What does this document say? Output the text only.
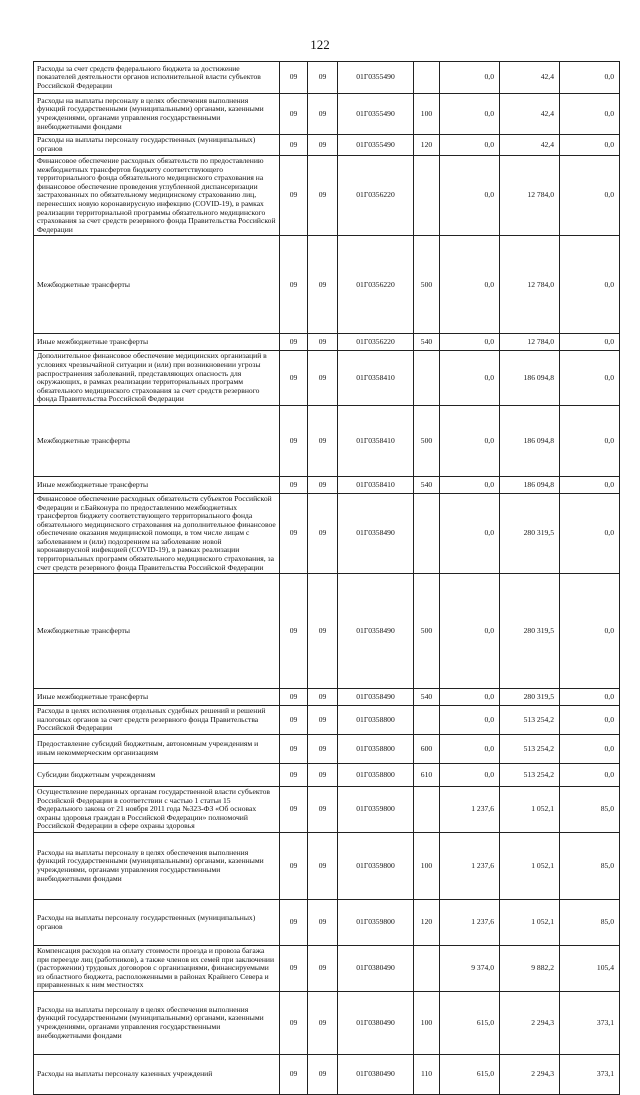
122
Расходы за счет средств федерального бюджета за достижение показателей деятельности органов исполнительной власти субъектов Российской Федерации	09	09	01Г0355490		0,0	42,4	0,0
Расходы на выплаты персоналу в целях обеспечения выполнения функций государственными (муниципальными) органами, казенными учреждениями, органами управления государственными внебюджетными фондами	09	09	01Г0355490	100	0,0	42,4	0,0
Расходы на выплаты персоналу государственных (муниципальных) органов	09	09	01Г0355490	120	0,0	42,4	0,0
Финансовое обеспечение расходных обязательств по предоставлению межбюджетных трансфертов бюджету соответствующего территориального фонда обязательного медицинского страхования на финансовое обеспечение проведения углубленной диспансеризации застрахованных по обязательному медицинскому страхованию лиц, перенесших новую коронавирусную инфекцию (COVID-19), в рамках реализации территориальной программы обязательного медицинского страхования за счет средств резервного фонда Правительства Российской Федерации	09	09	01Г0356220		0,0	12 784,0	0,0
Межбюджетные трансферты	09	09	01Г0356220	500	0,0	12 784,0	0,0
Иные межбюджетные трансферты	09	09	01Г0356220	540	0,0	12 784,0	0,0
Дополнительное финансовое обеспечение медицинских организаций в условиях чрезвычайной ситуации и (или) при возникновении угрозы распространения заболеваний, представляющих опасность для окружающих, в рамках реализации территориальных программ обязательного медицинского страхования за счет средств резервного фонда Правительства Российской Федерации	09	09	01Г0358410		0,0	186 094,8	0,0
Межбюджетные трансферты	09	09	01Г0358410	500	0,0	186 094,8	0,0
Иные межбюджетные трансферты	09	09	01Г0358410	540	0,0	186 094,8	0,0
Финансовое обеспечение расходных обязательств субъектов Российской Федерации и г.Байконура по предоставлению межбюджетных трансфертов бюджету соответствующего территориального фонда обязательного медицинского страхования на дополнительное финансовое обеспечение оказания медицинской помощи, в том числе лицам с заболеванием и (или) подозрением на заболевание новой коронавирусной инфекцией (COVID-19), в рамках реализации территориальных программ обязательного медицинского страхования, за счет средств резервного фонда Правительства Российской Федерации	09	09	01Г0358490		0,0	280 319,5	0,0
Межбюджетные трансферты	09	09	01Г0358490	500	0,0	280 319,5	0,0
Иные межбюджетные трансферты	09	09	01Г0358490	540	0,0	280 319,5	0,0
Расходы в целях исполнения отдельных судебных решений и решений налоговых органов за счет средств резервного фонда Правительства Российской Федерации	09	09	01Г0358800		0,0	513 254,2	0,0
Предоставление субсидий бюджетным, автономным учреждениям и иным некоммерческим организациям	09	09	01Г0358800	600	0,0	513 254,2	0,0
Субсидии бюджетным учреждениям	09	09	01Г0358800	610	0,0	513 254,2	0,0
Осуществление переданных органам государственной власти субъектов Российской Федерации в соответствии с частью 1 статьи 15 Федерального закона от 21 ноября 2011 года №323-ФЗ «Об основах охраны здоровья граждан в Российской Федерации» полномочий Российской Федерации в сфере охраны здоровья	09	09	01Г0359800		1 237,6	1 052,1	85,0
Расходы на выплаты персоналу в целях обеспечения выполнения функций государственными (муниципальными) органами, казенными учреждениями, органами управления государственными внебюджетными фондами	09	09	01Г0359800	100	1 237,6	1 052,1	85,0
Расходы на выплаты персоналу государственных (муниципальных) органов	09	09	01Г0359800	120	1 237,6	1 052,1	85,0
Компенсация расходов на оплату стоимости проезда и провоза багажа при переезде лиц (работников), а также членов их семей при заключении (расторжении) трудовых договоров с организациями, финансируемыми из областного бюджета, расположенными в районах Крайнего Севера и приравненных к ним местностях	09	09	01Г0380490		9 374,0	9 882,2	105,4
Расходы на выплаты персоналу в целях обеспечения выполнения функций государственными (муниципальными) органами, казенными учреждениями, органами управления государственными внебюджетными фондами	09	09	01Г0380490	100	615,0	2 294,3	373,1
Расходы на выплаты персоналу казенных учреждений	09	09	01Г0380490	110	615,0	2 294,3	373,1
